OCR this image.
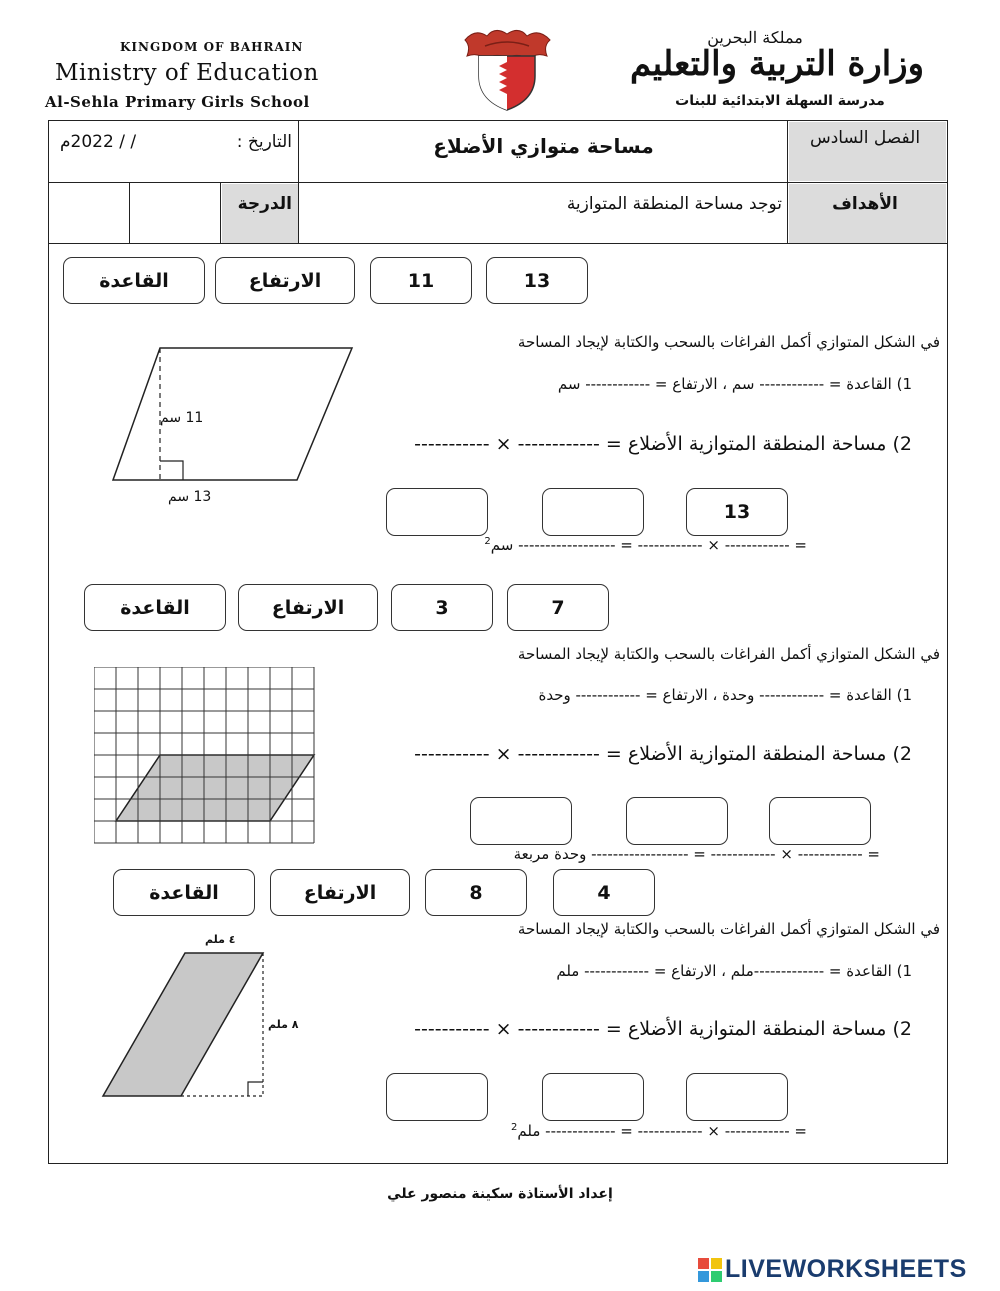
KINGDOM OF BAHRAIN
Ministry of Education
Al-Sehla Primary Girls School
مملكة البحرين
وزارة التربية والتعليم
مدرسة السهلة الابتدائية للبنات
الفصل السادس
مساحة متوازي الأضلاع
التاريخ :
/ / 2022م
الأهداف
توجد مساحة المنطقة المتوازية
الدرجة
13
11
الارتفاع
القاعدة
في الشكل المتوازي أكمل الفراغات بالسحب والكتابة لإيجاد المساحة
1) القاعدة = ------------ سم ، الارتفاع = ------------ سم
2) مساحة المنطقة المتوازية الأضلاع = ------------ × -----------
13
= ------------ × ------------ = ------------------ سم$^2$
11 سم
13 سم
7
3
الارتفاع
القاعدة
في الشكل المتوازي أكمل الفراغات بالسحب والكتابة لإيجاد المساحة
1) القاعدة = ------------ وحدة ، الارتفاع = ------------ وحدة
2) مساحة المنطقة المتوازية الأضلاع = ------------ × -----------
= ------------ × ------------ = ------------------ وحدة مربعة
4
8
الارتفاع
القاعدة
في الشكل المتوازي أكمل الفراغات بالسحب والكتابة لإيجاد المساحة
1) القاعدة = -------------ملم ، الارتفاع = ------------ ملم
2) مساحة المنطقة المتوازية الأضلاع = ------------ × -----------
= ------------ × ------------ = ------------- ملم$^2$
٤ ملم
٨ ملم
إعداد الأستاذة سكينة منصور علي
LIVEWORKSHEETS
